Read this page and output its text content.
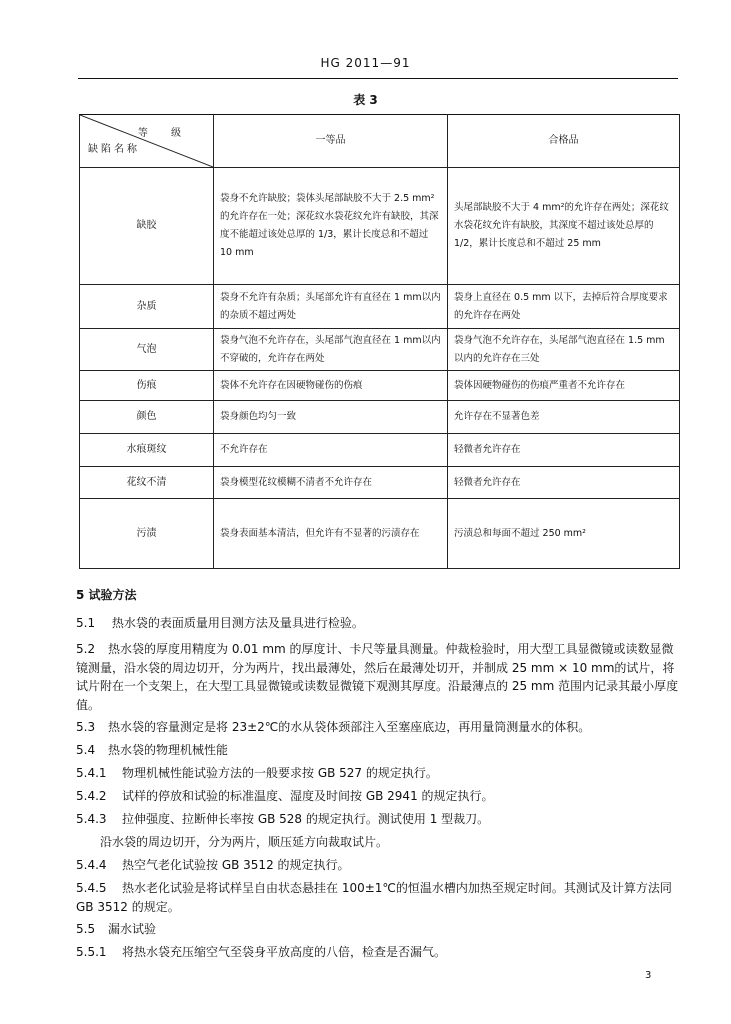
HG 2011—91
表 3
等 级
缺陷名称	一等品	合格品
缺胶	袋身不允许缺胶；袋体头尾部缺胶不大于 2.5 mm²的允许存在一处；深花纹水袋花纹允许有缺胶，其深度不能超过该处总厚的 1/3，累计长度总和不超过 10 mm	头尾部缺胶不大于 4 mm²的允许存在两处；深花纹水袋花纹允许有缺胶，其深度不超过该处总厚的 1/2，累计长度总和不超过 25 mm
杂质	袋身不允许有杂质；头尾部允许有直径在 1 mm以内的杂质不超过两处	袋身上直径在 0.5 mm 以下，去掉后符合厚度要求的允许存在两处
气泡	袋身气泡不允许存在，头尾部气泡直径在 1 mm以内不穿破的，允许存在两处	袋身气泡不允许存在，头尾部气泡直径在 1.5 mm以内的允许存在三处
伤痕	袋体不允许存在因硬物碰伤的伤痕	袋体因硬物碰伤的伤痕严重者不允许存在
颜色	袋身颜色均匀一致	允许存在不显著色差
水痕斑纹	不允许存在	轻微者允许存在
花纹不清	袋身模型花纹模糊不清者不允许存在	轻微者允许存在
污渍	袋身表面基本清洁，但允许有不显著的污渍存在	污渍总和每面不超过 250 mm²
5 试验方法
5.1 热水袋的表面质量用目测方法及量具进行检验。
5.2 热水袋的厚度用精度为 0.01 mm 的厚度计、卡尺等量具测量。仲裁检验时，用大型工具显微镜或读数显微镜测量，沿水袋的周边切开，分为两片，找出最薄处，然后在最薄处切开，并制成 25 mm × 10 mm的试片，将试片附在一个支架上，在大型工具显微镜或读数显微镜下观测其厚度。沿最薄点的 25 mm 范围内记录其最小厚度值。
5.3 热水袋的容量测定是将 23±2℃的水从袋体颈部注入至塞座底边，再用量筒测量水的体积。
5.4 热水袋的物理机械性能
5.4.1 物理机械性能试验方法的一般要求按 GB 527 的规定执行。
5.4.2 试样的停放和试验的标准温度、湿度及时间按 GB 2941 的规定执行。
5.4.3 拉伸强度、拉断伸长率按 GB 528 的规定执行。测试使用 1 型裁刀。
沿水袋的周边切开，分为两片，顺压延方向裁取试片。
5.4.4 热空气老化试验按 GB 3512 的规定执行。
5.4.5 热水老化试验是将试样呈自由状态悬挂在 100±1℃的恒温水槽内加热至规定时间。其测试及计算方法同 GB 3512 的规定。
5.5 漏水试验
5.5.1 将热水袋充压缩空气至袋身平放高度的八倍，检查是否漏气。
3
